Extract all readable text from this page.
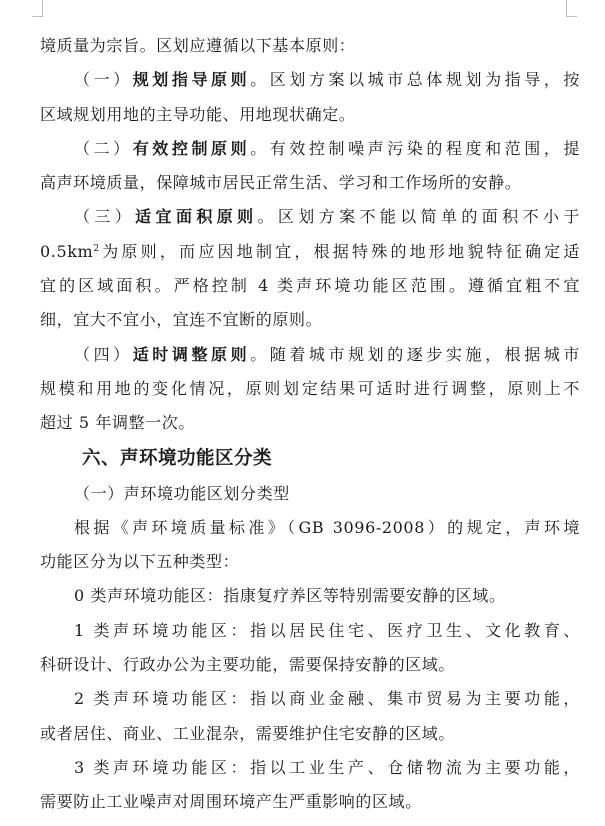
境质量为宗旨。区划应遵循以下基本原则：
（一）规划指导原则。区划方案以城市总体规划为指导，按
区域规划用地的主导功能、用地现状确定。
（二）有效控制原则。有效控制噪声污染的程度和范围，提
高声环境质量，保障城市居民正常生活、学习和工作场所的安静。
（三）适宜面积原则。区划方案不能以简单的面积不小于
$0.5km^2$为原则，而应因地制宜，根据特殊的地形地貌特征确定适
宜的区域面积。严格控制 4 类声环境功能区范围。遵循宜粗不宜
细，宜大不宜小，宜连不宜断的原则。
（四）适时调整原则。随着城市规划的逐步实施，根据城市
规模和用地的变化情况，原则划定结果可适时进行调整，原则上不
超过 5 年调整一次。
六、声环境功能区分类
（一）声环境功能区划分类型
根据《声环境质量标准》（GB 3096-2008）的规定，声环境
功能区分为以下五种类型：
0 类声环境功能区：指康复疗养区等特别需要安静的区域。
1 类声环境功能区：指以居民住宅、医疗卫生、文化教育、
科研设计、行政办公为主要功能，需要保持安静的区域。
2 类声环境功能区：指以商业金融、集市贸易为主要功能，
或者居住、商业、工业混杂，需要维护住宅安静的区域。
3 类声环境功能区：指以工业生产、仓储物流为主要功能，
需要防止工业噪声对周围环境产生严重影响的区域。
